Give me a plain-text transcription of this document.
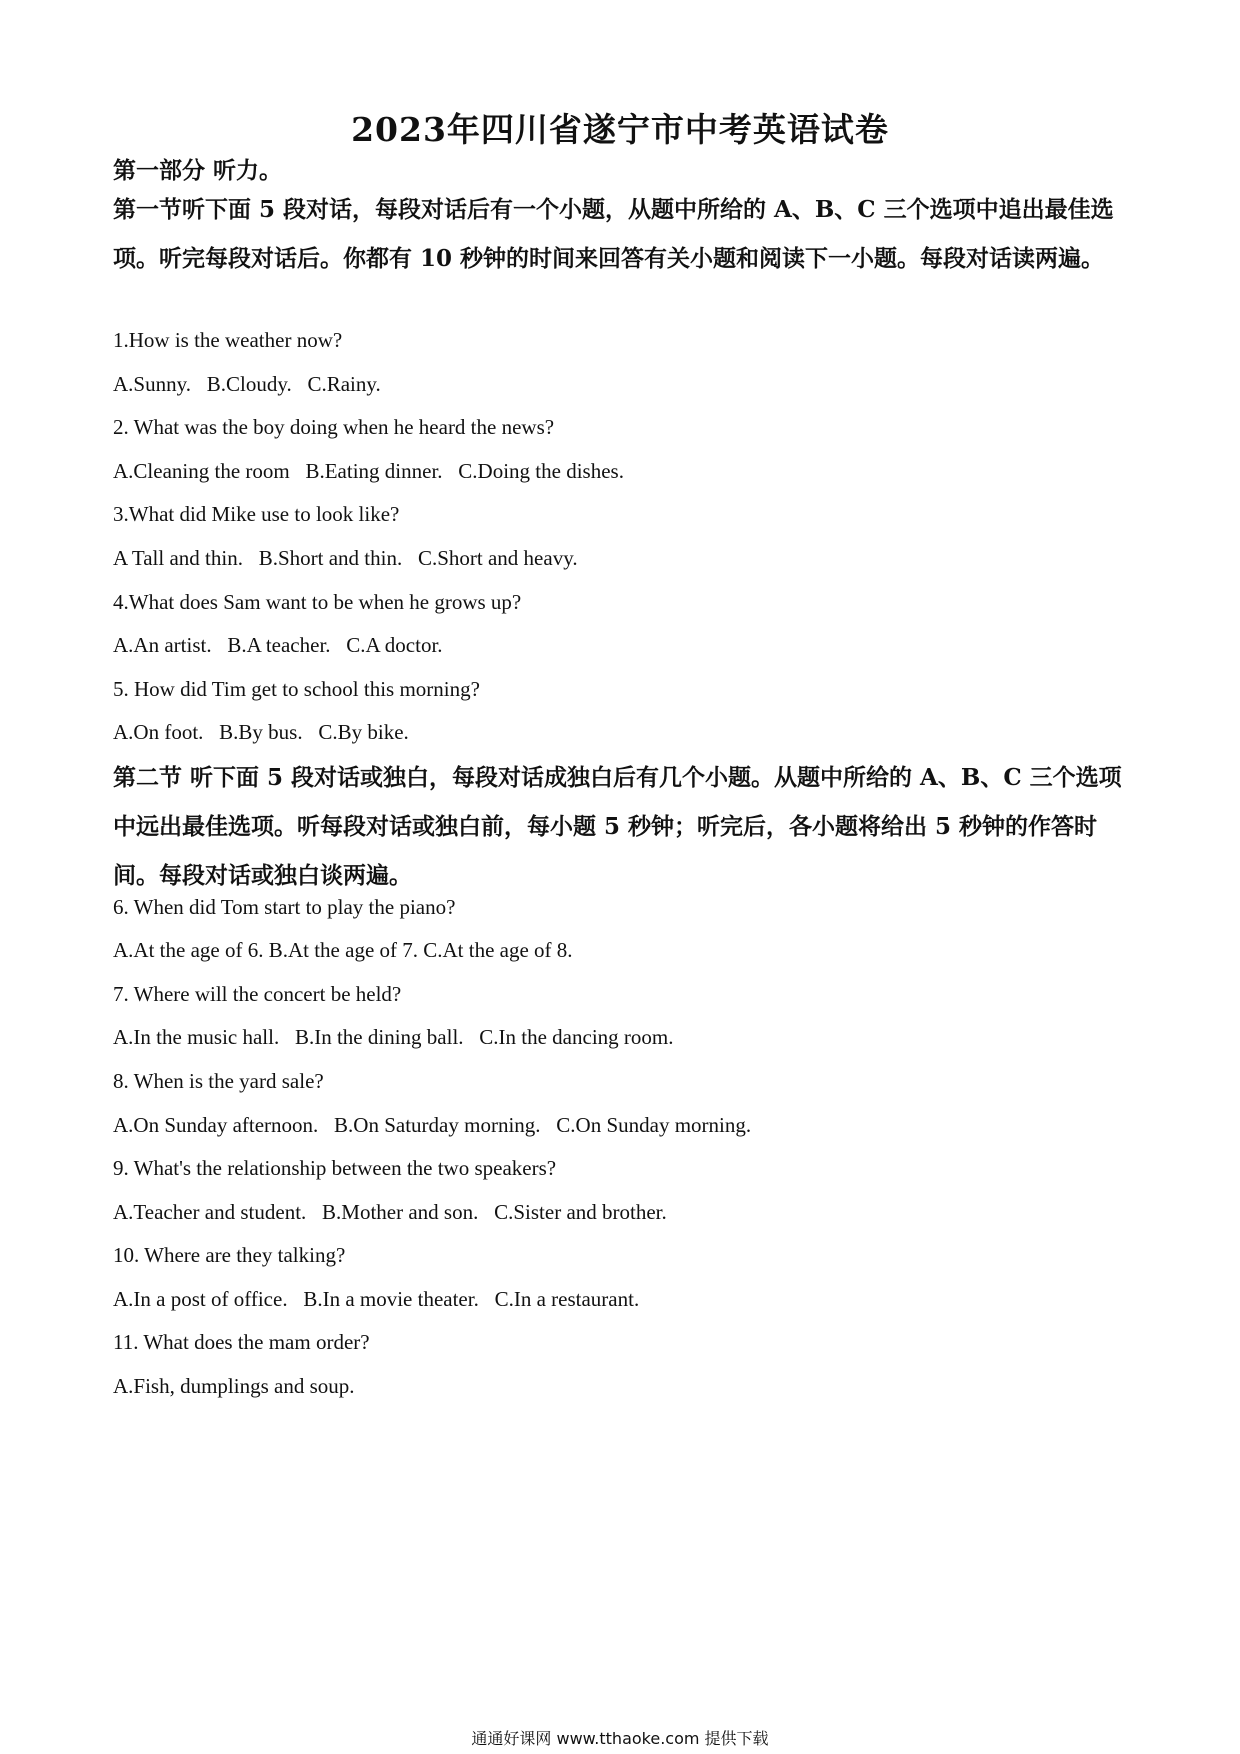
2023年四川省遂宁市中考英语试卷
第一部分 听力。
第一节听下面 5 段对话，每段对话后有一个小题，从题中所给的 A、B、C 三个选项中追出最佳选项。听完每段对话后。你都有 10 秒钟的时间来回答有关小题和阅读下一小题。每段对话读两遍。
1.How is the weather now?
A.Sunny.   B.Cloudy.   C.Rainy.
2. What was the boy doing when he heard the news?
A.Cleaning the room   B.Eating dinner.   C.Doing the dishes.
3.What did Mike use to look like?
A Tall and thin.   B.Short and thin.   C.Short and heavy.
4.What does Sam want to be when he grows up?
A.An artist.   B.A teacher.   C.A doctor.
5. How did Tim get to school this morning?
A.On foot.   B.By bus.   C.By bike.
第二节 听下面 5 段对话或独白，每段对话成独白后有几个小题。从题中所给的 A、B、C 三个选项中远出最佳选项。听每段对话或独白前，每小题 5 秒钟；听完后，各小题将给出 5 秒钟的作答时间。每段对话或独白谈两遍。
6. When did Tom start to play the piano?
A.At the age of 6. B.At the age of 7. C.At the age of 8.
7. Where will the concert be held?
A.In the music hall.   B.In the dining ball.   C.In the dancing room.
8. When is the yard sale?
A.On Sunday afternoon.   B.On Saturday morning.   C.On Sunday morning.
9. What's the relationship between the two speakers?
A.Teacher and student.   B.Mother and son.   C.Sister and brother.
10. Where are they talking?
A.In a post of office.   B.In a movie theater.   C.In a restaurant.
11. What does the mam order?
A.Fish, dumplings and soup.
通通好课网 www.tthaoke.com 提供下载
